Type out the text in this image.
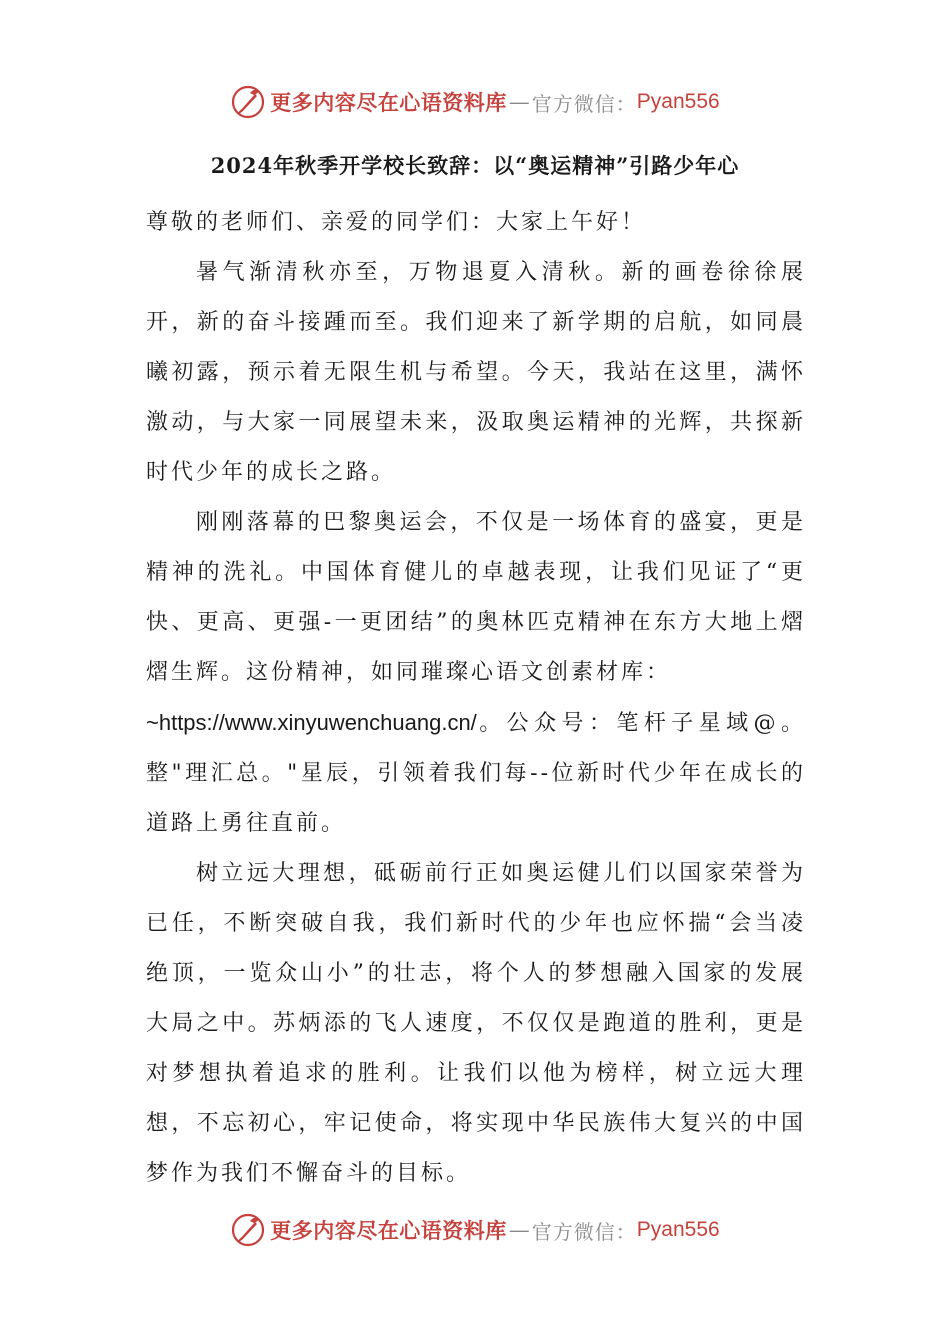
更多内容尽在心语资料库 — 官方微信： Pyan556
2024年秋季开学校长致辞：以“奥运精神”引路少年心

尊敬的老师们、亲爱的同学们：大家上午好！

暑气渐清秋亦至，万物退夏入清秋。新的画卷徐徐展开，新的奋斗接踵而至。我们迎来了新学期的启航，如同晨曦初露，预示着无限生机与希望。今天，我站在这里，满怀激动，与大家一同展望未来，汲取奥运精神的光辉，共探新时代少年的成长之路。

刚刚落幕的巴黎奥运会，不仅是一场体育的盛宴，更是精神的洗礼。中国体育健儿的卓越表现，让我们见证了“更快、更高、更强-一更团结”的奥林匹克精神在东方大地上熠熠生辉。这份精神，如同璀璨心语文创素材库：
~https://www.xinyuwenchuang.cn/。公众号：笔杆子星域@。整"理汇总。"星辰，引领着我们每--位新时代少年在成长的道路上勇往直前。

树立远大理想，砥砺前行正如奥运健儿们以国家荣誉为已任，不断突破自我，我们新时代的少年也应怀揣“会当凌绝顶，一览众山小”的壮志，将个人的梦想融入国家的发展大局之中。苏炳添的飞人速度，不仅仅是跑道的胜利，更是对梦想执着追求的胜利。让我们以他为榜样，树立远大理想，不忘初心，牢记使命，将实现中华民族伟大复兴的中国梦作为我们不懈奋斗的目标。

更多内容尽在心语资料库 — 官方微信： Pyan556
